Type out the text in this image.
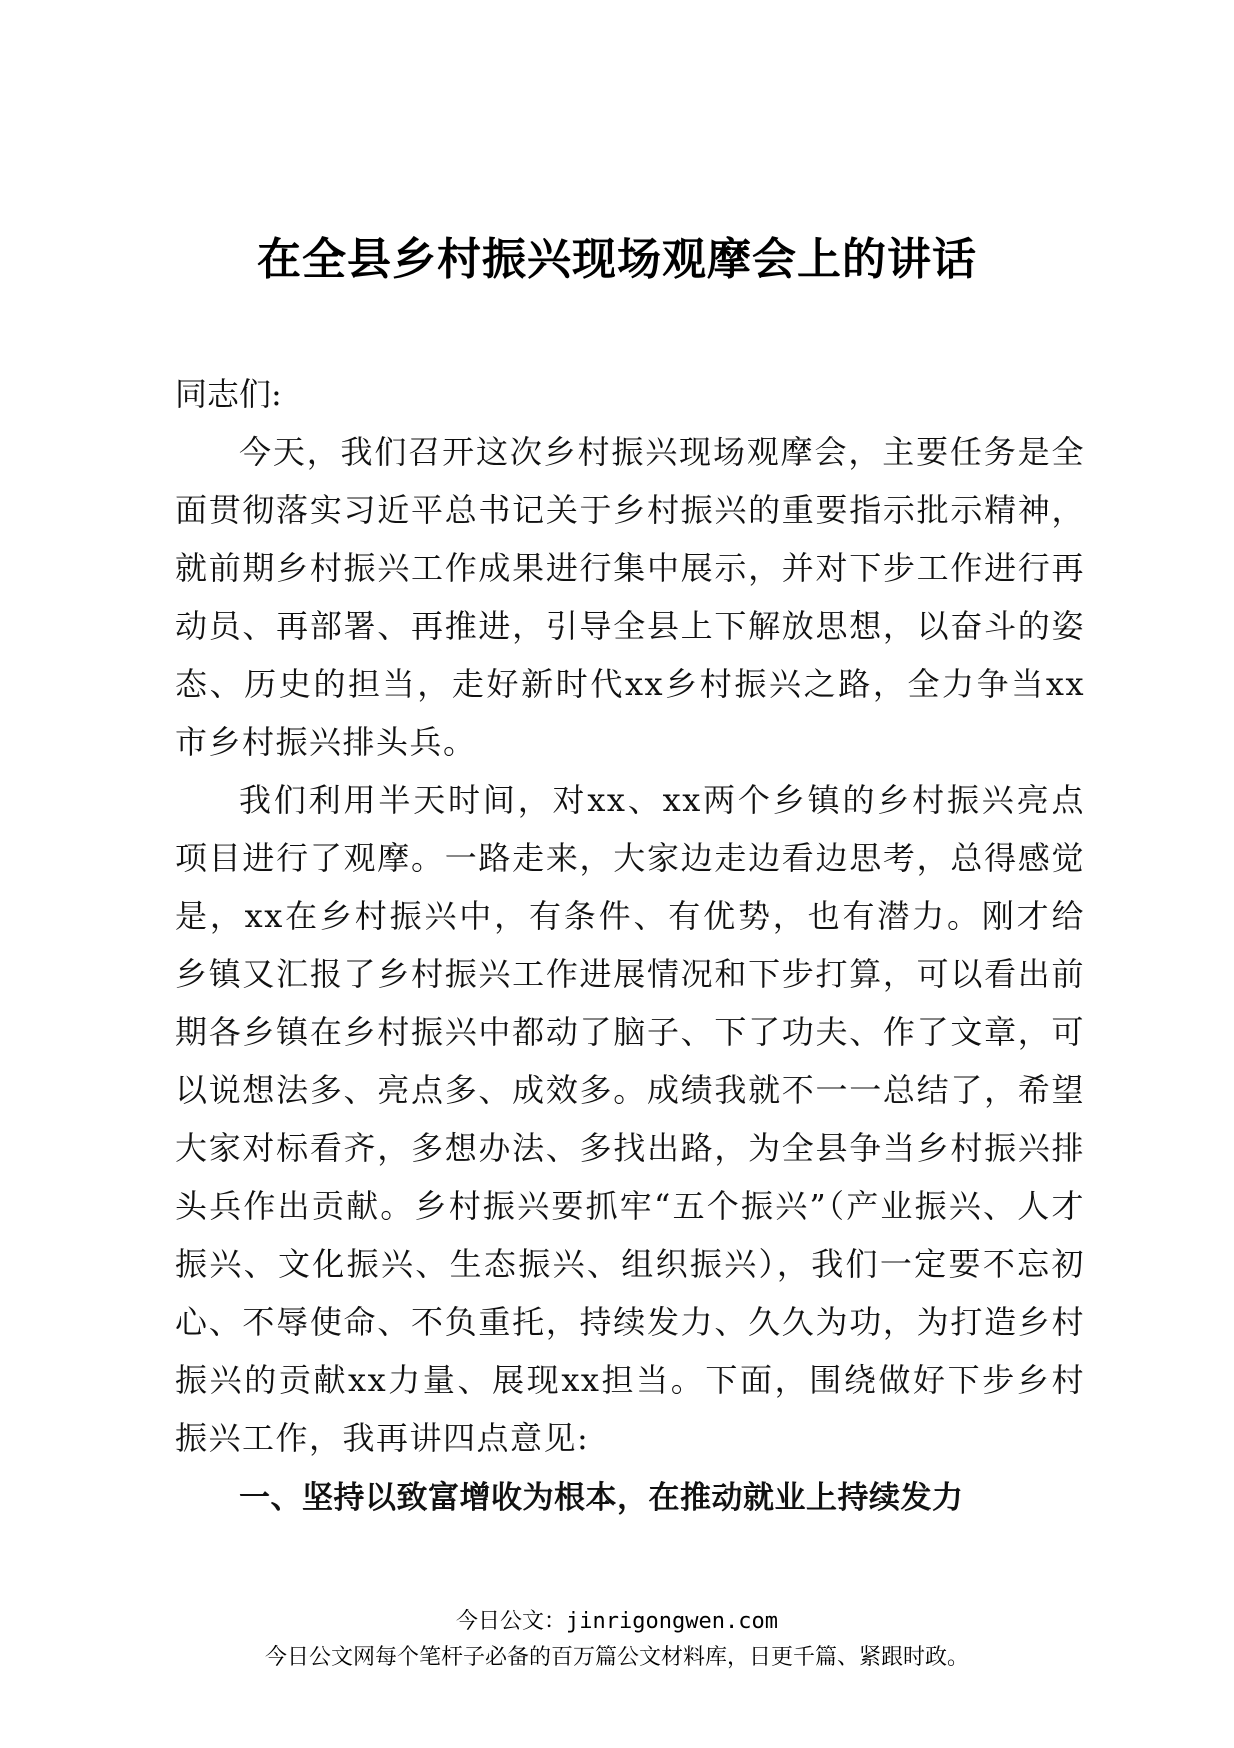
在全县乡村振兴现场观摩会上的讲话

同志们:

今天，我们召开这次乡村振兴现场观摩会，主要任务是全面贯彻落实习近平总书记关于乡村振兴的重要指示批示精神，就前期乡村振兴工作成果进行集中展示，并对下步工作进行再动员、再部署、再推进，引导全县上下解放思想，以奋斗的姿态、历史的担当，走好新时代xx乡村振兴之路，全力争当xx市乡村振兴排头兵。

我们利用半天时间，对xx、xx两个乡镇的乡村振兴亮点项目进行了观摩。一路走来，大家边走边看边思考，总得感觉是，xx在乡村振兴中，有条件、有优势，也有潜力。刚才给乡镇又汇报了乡村振兴工作进展情况和下步打算，可以看出前期各乡镇在乡村振兴中都动了脑子、下了功夫、作了文章，可以说想法多、亮点多、成效多。成绩我就不一一总结了，希望大家对标看齐，多想办法、多找出路，为全县争当乡村振兴排头兵作出贡献。乡村振兴要抓牢“五个振兴”（产业振兴、人才振兴、文化振兴、生态振兴、组织振兴），我们一定要不忘初心、不辱使命、不负重托，持续发力、久久为功，为打造乡村振兴的贡献xx力量、展现xx担当。下面，围绕做好下步乡村振兴工作，我再讲四点意见:

一、坚持以致富增收为根本，在推动就业上持续发力

今日公文：jinrigongwen.com
今日公文网每个笔杆子必备的百万篇公文材料库，日更千篇、紧跟时政。
